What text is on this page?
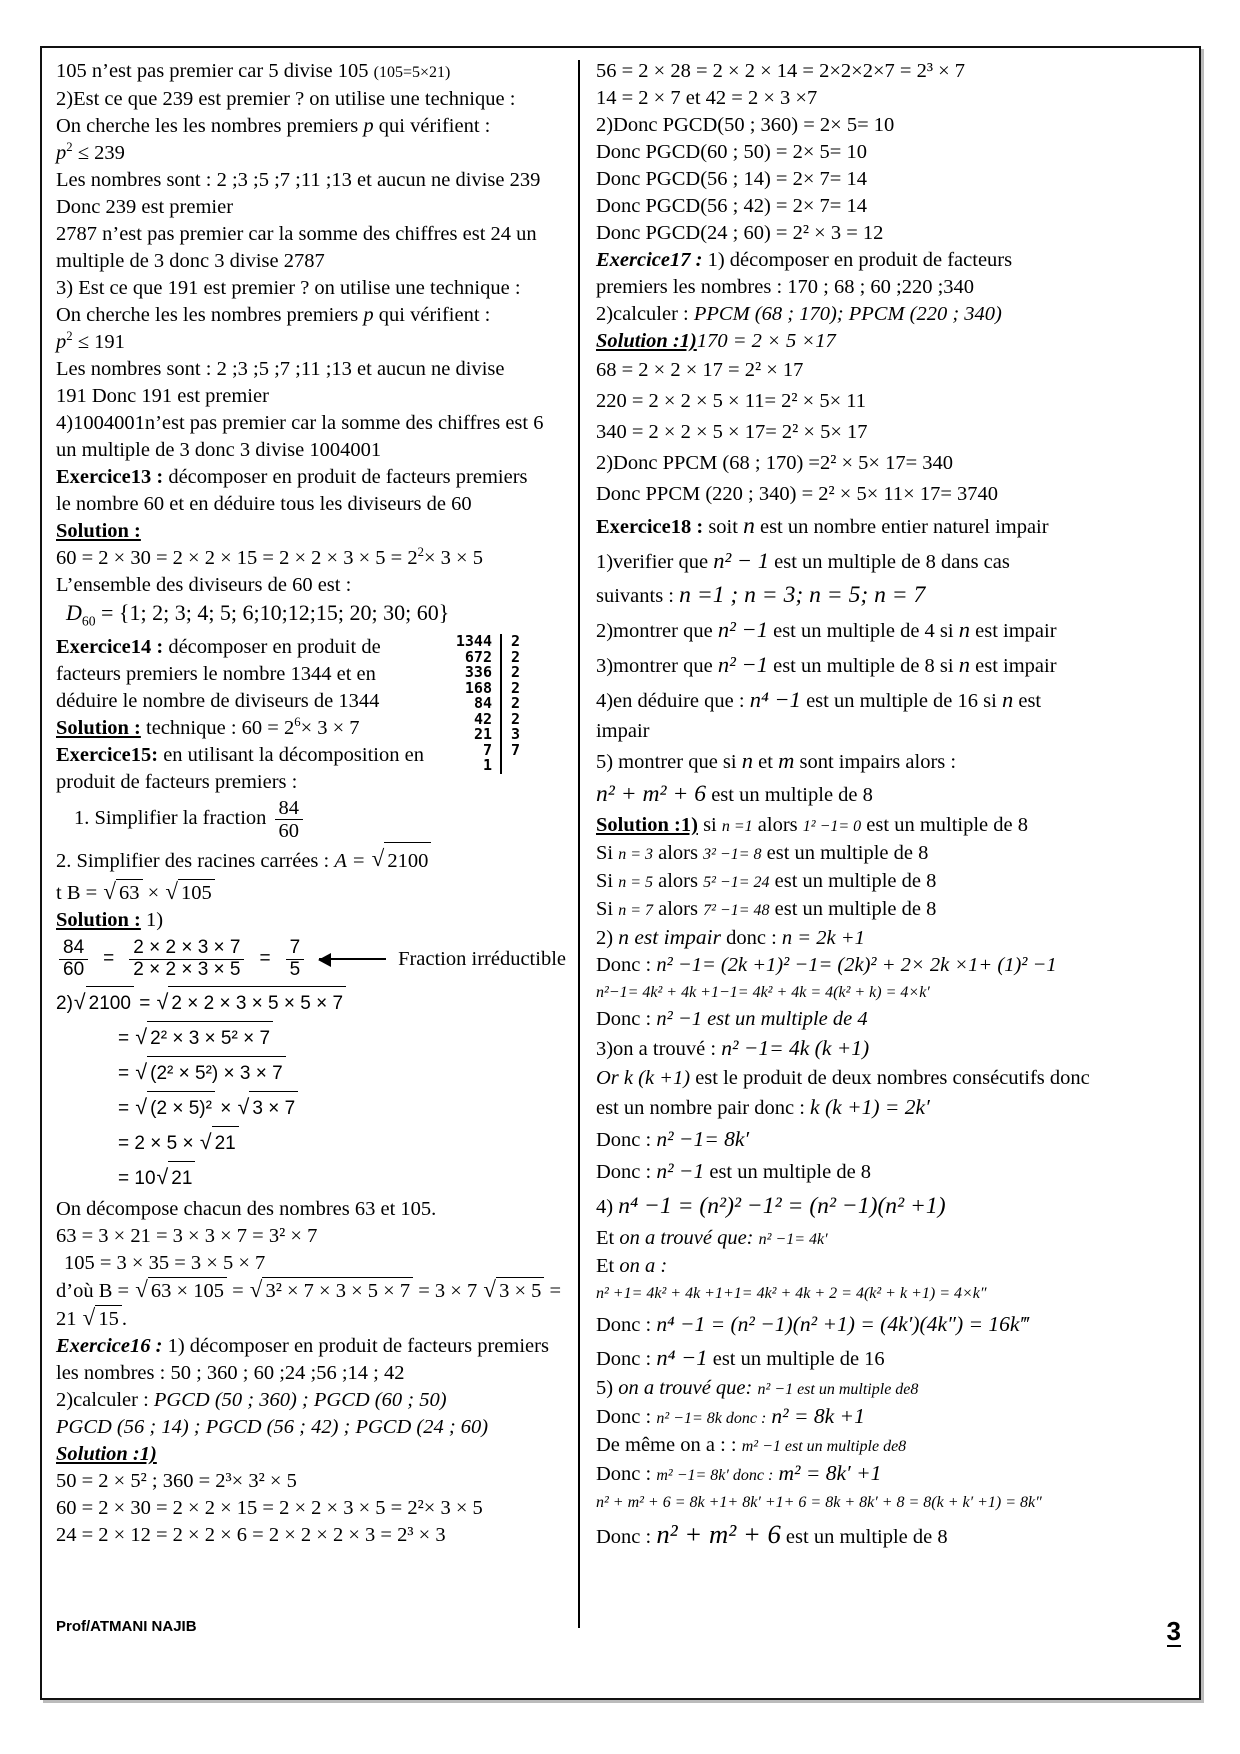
105 n’est pas premier car 5 divise 105 (105=5×21)
2)Est ce que 239 est premier ? on utilise une technique :
On cherche les les nombres premiers p qui vérifient :
$p^2 \le 239$
Les nombres sont : 2 ;3 ;5 ;7 ;11 ;13 et aucun ne divise 239
Donc 239 est premier
2787 n’est pas premier car la somme des chiffres est 24 un
multiple de 3 donc 3 divise 2787
3) Est ce que 191 est premier ? on utilise une technique :
On cherche les les nombres premiers p qui vérifient :
$p^2 \le 191$
Les nombres sont : 2 ;3 ;5 ;7 ;11 ;13 et aucun ne divise
191 Donc 191 est premier
4)1004001n’est pas premier car la somme des chiffres est 6
un multiple de 3 donc 3 divise 1004001
Exercice13 : décomposer en produit de facteurs premiers
le nombre 60 et en déduire tous les diviseurs de 60
Solution :
$60 = 2 \times 30 = 2 \times 2 \times 15 = 2 \times 2 \times 3 \times 5 = 2^2\times 3 \times 5$
L’ensemble des diviseurs de 60 est :
$D_{60} = \{1$; 2; 3; 4; 5; 6;10;12;15; 20; 30; 60}
Exercice14 : décomposer en produit de
facteurs premiers le nombre 1344 et en
déduire le nombre de diviseurs de 1344
Solution : technique : $60 = 2^6\times 3 \times 7$
1344
672
336
168
84
42
21
7
1
2
2
2
2
2
2
3
7
Exercice15: en utilisant la décomposition en
produit de facteurs premiers :
1. Simplifier la fraction $\frac{84}{60}$
2. Simplifier des racines carrées : A = √ 2100
t B = √ 63 × √ 105
Solution : 1)
$\frac{84}{60} = \frac{2 \times 2 \times 3 \times 7}{2 \times 2 \times 3 \times 5} = \frac{7}{5}$	Fraction irréductible
2) √ 2100 = √ 2 × 2 × 3 × 5 × 5 × 7
= √ 2² × 3 × 5² × 7
= √ (2² × 5²) × 3 × 7
= √ (2 × 5)² × √ 3 × 7
= 2 × 5 × √ 21
= 10 √ 21
On décompose chacun des nombres 63 et 105.
63 = 3 × 21 = 3 × 3 × 7 = 3² × 7
105 = 3 × 35 = 3 × 5 × 7
d’où B = √ 63 × 105 = √ 3² × 7 × 3 × 5 × 7 = 3 × 7 √ 3 × 5 =
21 √ 15 .
Exercice16 : 1) décomposer en produit de facteurs premiers
les nombres : 50 ; 360 ; 60 ;24 ;56 ;14 ; 42
2)calculer : PGCD (50 ; 360) ; PGCD (60 ; 50)
PGCD (56 ; 14) ; PGCD (56 ; 42) ; PGCD (24 ; 60)
Solution :1)
50 = 2 × 5² ; 360 = 2³× 3² × 5
60 = 2 × 30 = 2 × 2 × 15 = 2 × 2 × 3 × 5 = 2²× 3 × 5
24 = 2 × 12 = 2 × 2 × 6 = 2 × 2 × 2 × 3 = 2³ × 3
56 = 2 × 28 = 2 × 2 × 14 = 2×2×2×7 = 2³ × 7
14 = 2 × 7 et 42 = 2 × 3 ×7
2)Donc PGCD(50 ; 360) = 2× 5= 10
Donc PGCD(60 ; 50) = 2× 5= 10
Donc PGCD(56 ; 14) = 2× 7= 14
Donc PGCD(56 ; 42) = 2× 7= 14
Donc PGCD(24 ; 60) = 2² × 3 = 12
Exercice17 : 1) décomposer en produit de facteurs
premiers les nombres : 170 ; 68 ; 60 ;220 ;340
2)calculer : PPCM (68 ; 170); PPCM (220 ; 340)
Solution :1)170 = 2 × 5 ×17
68 = 2 × 2 × 17 = 2² × 17
220 = 2 × 2 × 5 × 11= 2² × 5× 11
340 = 2 × 2 × 5 × 17= 2² × 5× 17
2)Donc PPCM (68 ; 170) =2² × 5× 17= 340
Donc PPCM (220 ; 340) = 2² × 5× 11× 17= 3740
Exercice18 : soit n est un nombre entier naturel impair
1)verifier que n² − 1 est un multiple de 8 dans cas
suivants : n =1 ; n = 3; n = 5; n = 7
2)montrer que n² −1 est un multiple de 4 si n est impair
3)montrer que n² −1 est un multiple de 8 si n est impair
4)en déduire que : n⁴ −1 est un multiple de 16 si n est
impair
5) montrer que si n et m sont impairs alors :
n² + m² + 6 est un multiple de 8
Solution :1) si n =1 alors 1² −1= 0 est un multiple de 8
Si n = 3 alors 3² −1= 8 est un multiple de 8
Si n = 5 alors 5² −1= 24 est un multiple de 8
Si n = 7 alors 7² −1= 48 est un multiple de 8
2) n est impair donc : n = 2k +1
Donc : n² −1= (2k +1)² −1= (2k)² + 2× 2k ×1+ (1)² −1
n²−1= 4k² + 4k +1−1= 4k² + 4k = 4(k² + k) = 4×k′
Donc : n² −1 est un multiple de 4
3)on a trouvé : n² −1= 4k (k +1)
Or k (k +1) est le produit de deux nombres consécutifs donc
est un nombre pair donc : k (k +1) = 2k′
Donc : n² −1= 8k′
Donc : n² −1 est un multiple de 8
4) n⁴ −1 = (n²)² −1² = (n² −1)(n² +1)
Et on a trouvé que: n² −1= 4k′
Et on a :
n² +1= 4k² + 4k +1+1= 4k² + 4k + 2 = 4(k² + k +1) = 4×k″
Donc : n⁴ −1 = (n² −1)(n² +1) = (4k′)(4k″) = 16k‴
Donc : n⁴ −1 est un multiple de 16
5) on a trouvé que: n² −1 est un multiple de8
Donc : n² −1= 8k donc : n² = 8k +1
De même on a : : m² −1 est un multiple de8
Donc : m² −1= 8k′ donc : m² = 8k′ +1
n² + m² + 6 = 8k +1+ 8k′ +1+ 6 = 8k + 8k′ + 8 = 8(k + k′ +1) = 8k″
Donc : n² + m² + 6 est un multiple de 8
Prof/ATMANI NAJIB	3
